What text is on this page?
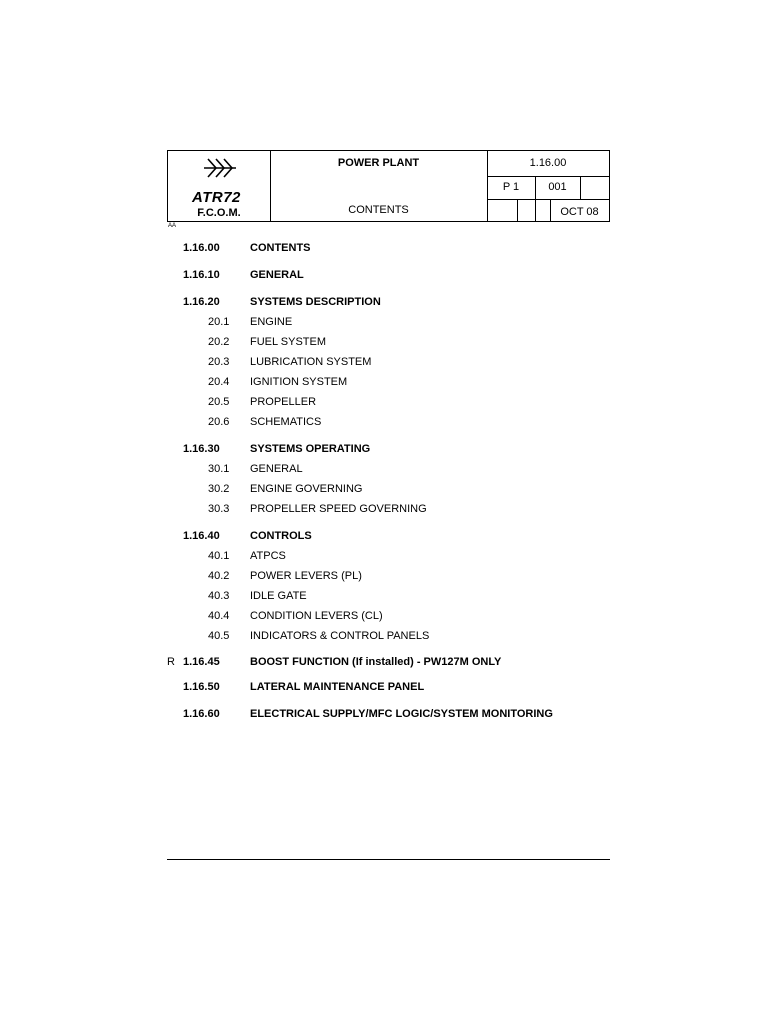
ATR72
F.C.O.M.
POWER PLANT
CONTENTS
1.16.00
P 1	001
OCT 08
AA
1.16.00	CONTENTS
1.16.10	GENERAL
1.16.20	SYSTEMS DESCRIPTION
20.1 ENGINE
20.2 FUEL SYSTEM
20.3 LUBRICATION SYSTEM
20.4 IGNITION SYSTEM
20.5 PROPELLER
20.6 SCHEMATICS
1.16.30	SYSTEMS OPERATING
30.1 GENERAL
30.2 ENGINE GOVERNING
30.3 PROPELLER SPEED GOVERNING
1.16.40	CONTROLS
40.1 ATPCS
40.2 POWER LEVERS (PL)
40.3 IDLE GATE
40.4 CONDITION LEVERS (CL)
40.5 INDICATORS & CONTROL PANELS
R 1.16.45	BOOST FUNCTION (If installed) - PW127M ONLY
1.16.50	LATERAL MAINTENANCE PANEL
1.16.60	ELECTRICAL SUPPLY/MFC LOGIC/SYSTEM MONITORING
